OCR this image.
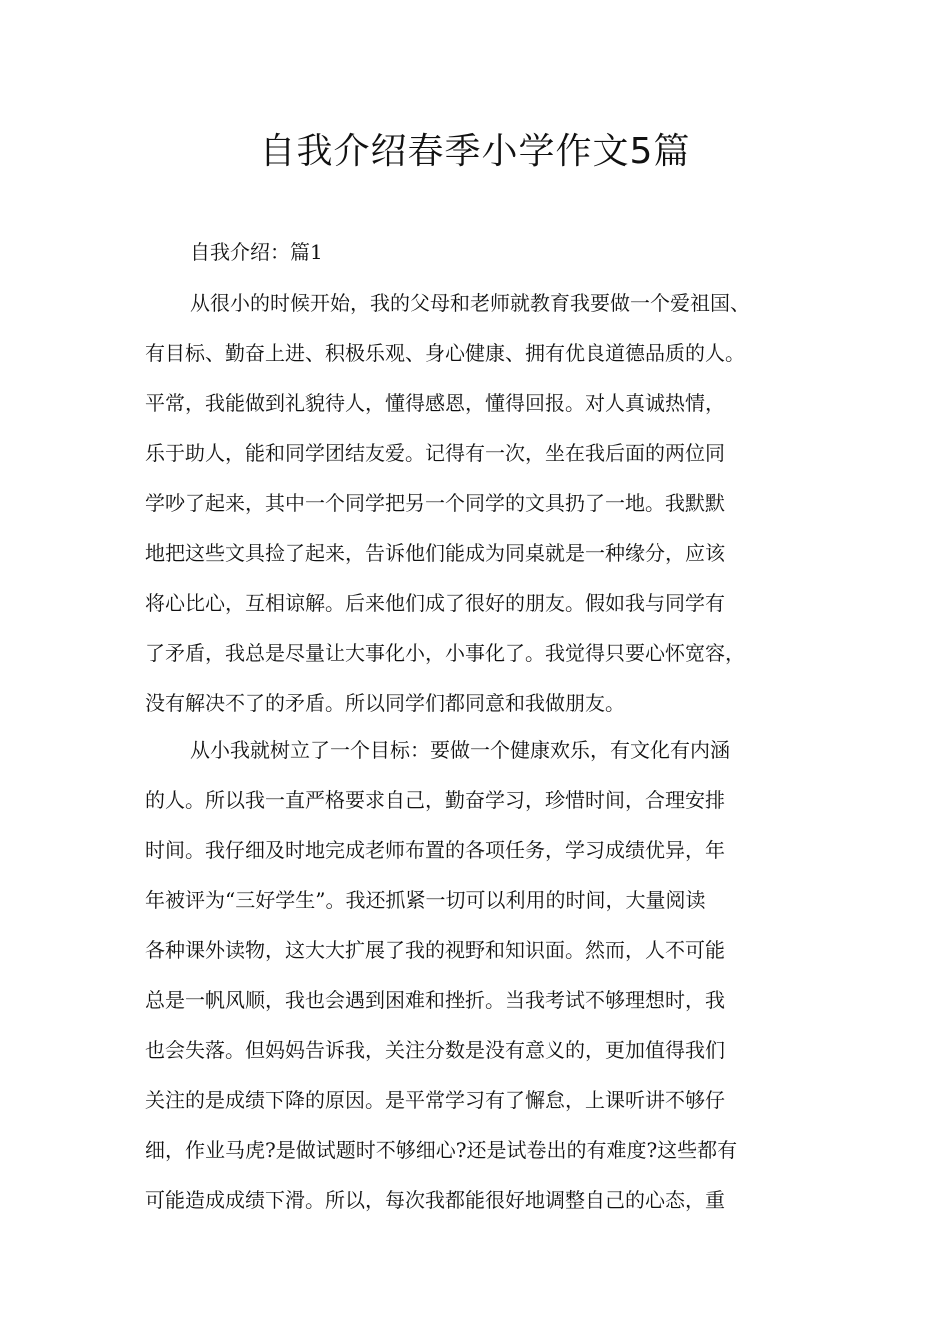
自我介绍春季小学作文5篇

自我介绍：篇1

从很小的时候开始，我的父母和老师就教育我要做一个爱祖国、
有目标、勤奋上进、积极乐观、身心健康、拥有优良道德品质的人。
平常，我能做到礼貌待人，懂得感恩，懂得回报。对人真诚热情，
乐于助人，能和同学团结友爱。记得有一次，坐在我后面的两位同
学吵了起来，其中一个同学把另一个同学的文具扔了一地。我默默
地把这些文具捡了起来，告诉他们能成为同桌就是一种缘分，应该
将心比心，互相谅解。后来他们成了很好的朋友。假如我与同学有
了矛盾，我总是尽量让大事化小，小事化了。我觉得只要心怀宽容，
没有解决不了的矛盾。所以同学们都同意和我做朋友。

从小我就树立了一个目标：要做一个健康欢乐，有文化有内涵
的人。所以我一直严格要求自己，勤奋学习，珍惜时间，合理安排
时间。我仔细及时地完成老师布置的各项任务，学习成绩优异，年
年被评为“三好学生”。我还抓紧一切可以利用的时间，大量阅读
各种课外读物，这大大扩展了我的视野和知识面。然而，人不可能
总是一帆风顺，我也会遇到困难和挫折。当我考试不够理想时，我
也会失落。但妈妈告诉我，关注分数是没有意义的，更加值得我们
关注的是成绩下降的原因。是平常学习有了懈怠，上课听讲不够仔
细，作业马虎?是做试题时不够细心?还是试卷出的有难度?这些都有
可能造成成绩下滑。所以，每次我都能很好地调整自己的心态，重
